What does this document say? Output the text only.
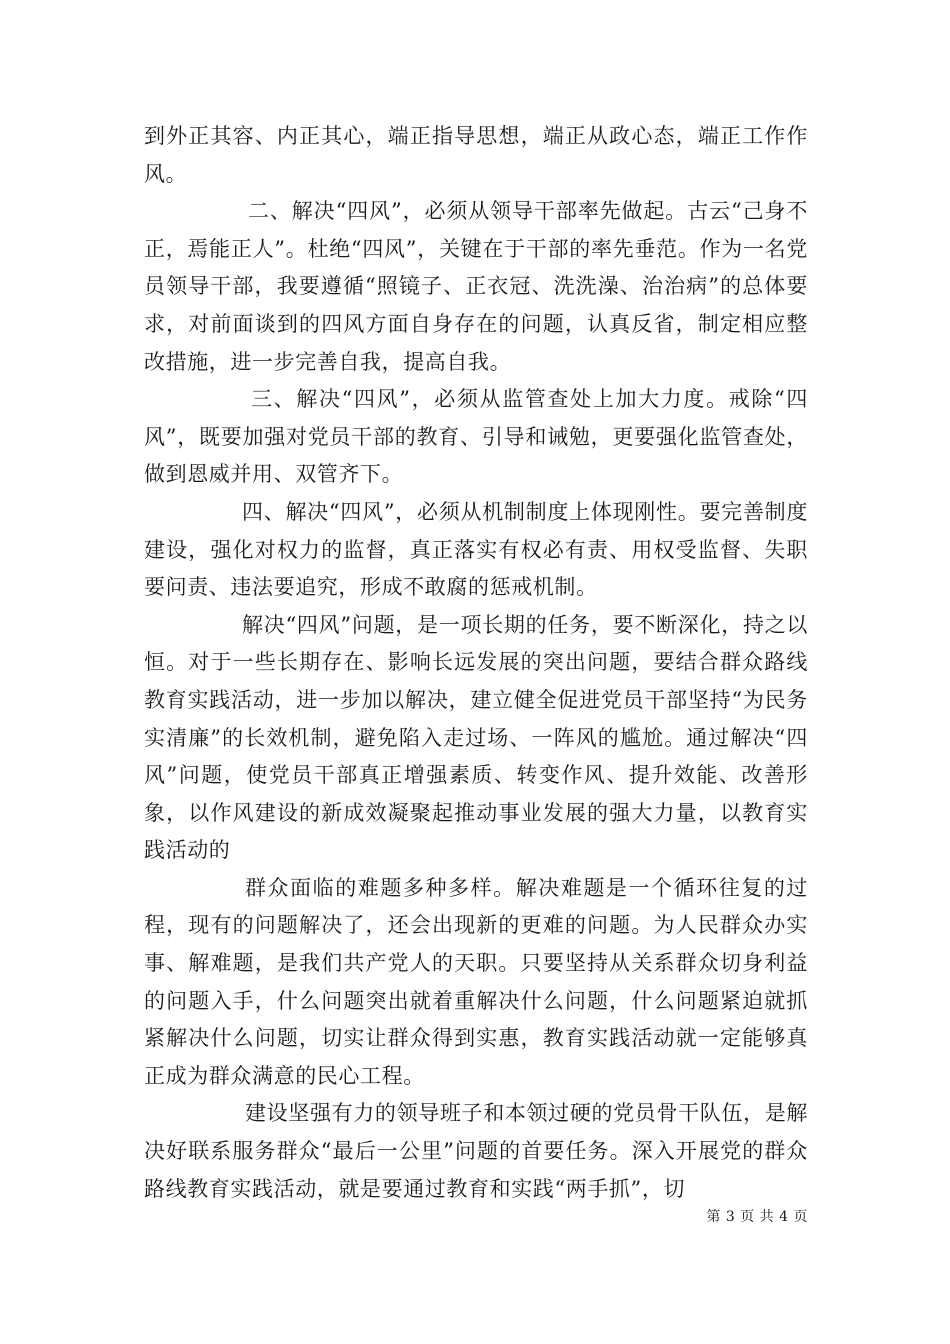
到外正其容、内正其心，端正指导思想，端正从政心态，端正工作作风。

二、解决“四风”，必须从领导干部率先做起。古云“己身不正，焉能正人”。杜绝“四风”，关键在于干部的率先垂范。作为一名党员领导干部，我要遵循“照镜子、正衣冠、洗洗澡、治治病”的总体要求，对前面谈到的四风方面自身存在的问题，认真反省，制定相应整改措施，进一步完善自我，提高自我。

三、解决“四风”，必须从监管查处上加大力度。戒除“四风”，既要加强对党员干部的教育、引导和诫勉，更要强化监管查处，做到恩威并用、双管齐下。

四、解决“四风”，必须从机制制度上体现刚性。要完善制度建设，强化对权力的监督，真正落实有权必有责、用权受监督、失职要问责、违法要追究，形成不敢腐的惩戒机制。

解决“四风”问题，是一项长期的任务，要不断深化，持之以恒。对于一些长期存在、影响长远发展的突出问题，要结合群众路线教育实践活动，进一步加以解决，建立健全促进党员干部坚持“为民务实清廉”的长效机制，避免陷入走过场、一阵风的尴尬。通过解决“四风”问题，使党员干部真正增强素质、转变作风、提升效能、改善形象，以作风建设的新成效凝聚起推动事业发展的强大力量，以教育实践活动的

群众面临的难题多种多样。解决难题是一个循环往复的过程，现有的问题解决了，还会出现新的更难的问题。为人民群众办实事、解难题，是我们共产党人的天职。只要坚持从关系群众切身利益的问题入手，什么问题突出就着重解决什么问题，什么问题紧迫就抓紧解决什么问题，切实让群众得到实惠，教育实践活动就一定能够真正成为群众满意的民心工程。

建设坚强有力的领导班子和本领过硬的党员骨干队伍，是解决好联系服务群众“最后一公里”问题的首要任务。深入开展党的群众路线教育实践活动，就是要通过教育和实践“两手抓”，切

第 3 页 共 4 页
